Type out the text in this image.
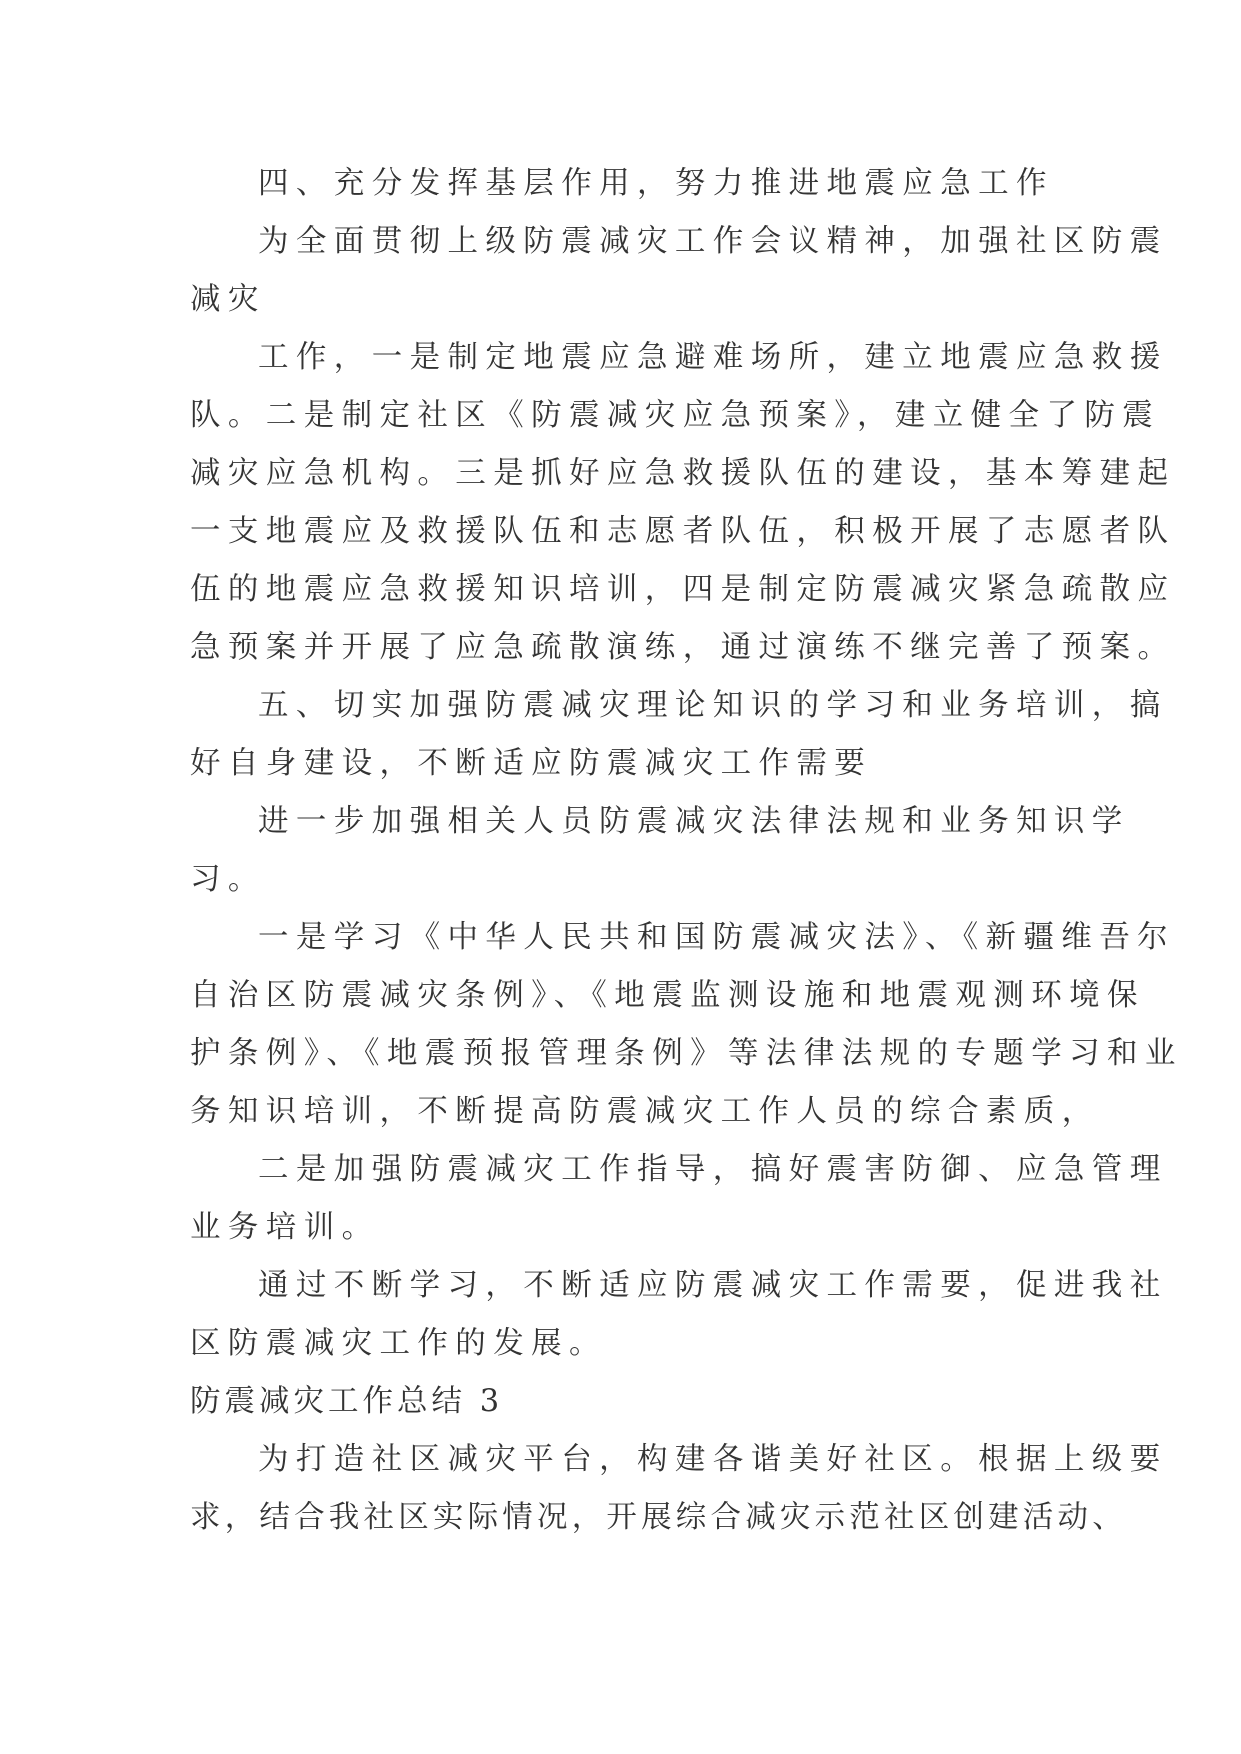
四、充分发挥基层作用，努力推进地震应急工作

为全面贯彻上级防震减灾工作会议精神，加强社区防震

减灾

工作，一是制定地震应急避难场所，建立地震应急救援

队。二是制定社区《防震减灾应急预案》，建立健全了防震

减灾应急机构。三是抓好应急救援队伍的建设，基本筹建起

一支地震应及救援队伍和志愿者队伍，积极开展了志愿者队

伍的地震应急救援知识培训，四是制定防震减灾紧急疏散应

急预案并开展了应急疏散演练，通过演练不继完善了预案。

五、切实加强防震减灾理论知识的学习和业务培训，搞

好自身建设，不断适应防震减灾工作需要

进一步加强相关人员防震减灾法律法规和业务知识学

习。

一是学习《中华人民共和国防震减灾法》、《新疆维吾尔

自治区防震减灾条例》、《地震监测设施和地震观测环境保

护条例》、《地震预报管理条例》等法律法规的专题学习和业

务知识培训，不断提高防震减灾工作人员的综合素质，

二是加强防震减灾工作指导，搞好震害防御、应急管理

业务培训。

通过不断学习，不断适应防震减灾工作需要，促进我社

区防震减灾工作的发展。

防震减灾工作总结 3

为打造社区减灾平台，构建各谐美好社区。根据上级要

求，结合我社区实际情况，开展综合减灾示范社区创建活动、
